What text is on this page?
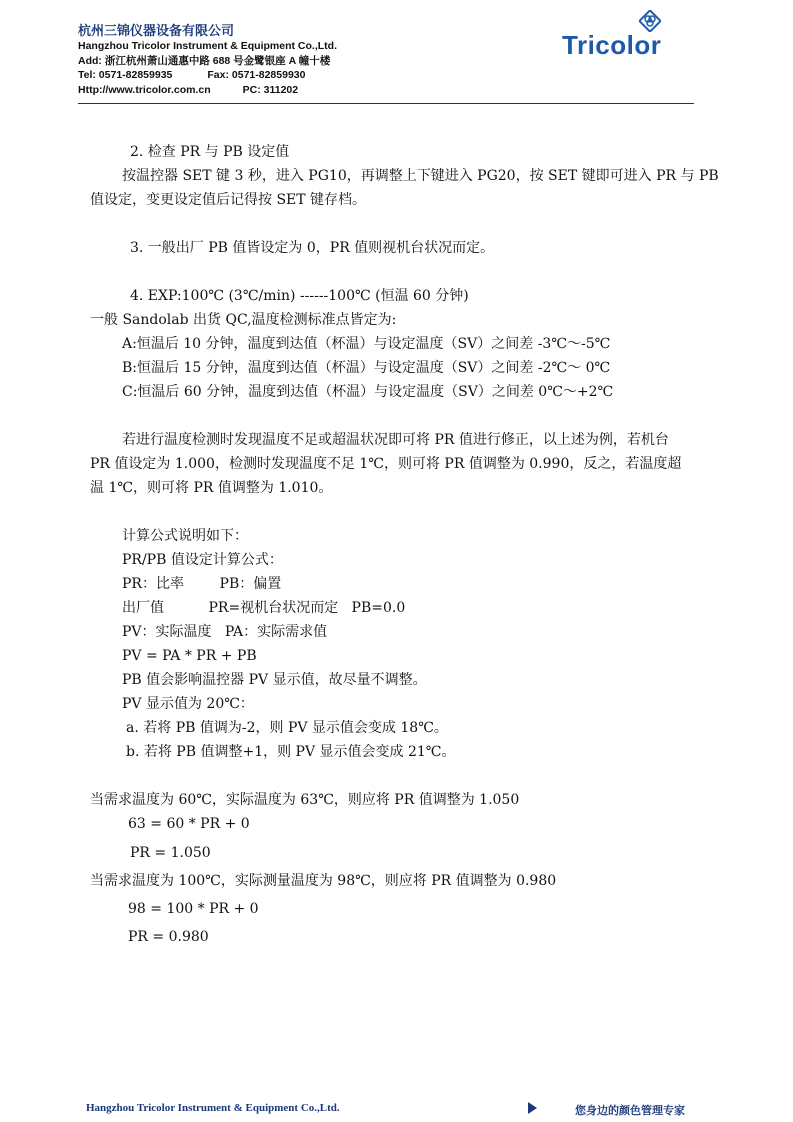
杭州三锦仪器设备有限公司
Hangzhou Tricolor Instrument & Equipment Co.,Ltd.
Add: 浙江杭州萧山通惠中路 688 号金鹭银座 A 幢十楼
Tel: 0571-82859935	Fax: 0571-82859930
Http://www.tricolor.com.cn	PC: 311202
Tricolor
2. 检查 PR 与 PB 设定值
按温控器 SET 键 3 秒，进入 PG10，再调整上下键进入 PG20，按 SET 键即可进入 PR 与 PB
值设定，变更设定值后记得按 SET 键存档。
3. 一般出厂 PB 值皆设定为 0，PR 值则视机台状况而定。
4. EXP:100℃ (3℃/min) ------100℃ (恒温 60 分钟)
一般 Sandolab 出货 QC,温度检测标准点皆定为:
A:恒温后 10 分钟，温度到达值（杯温）与设定温度（SV）之间差 -3℃～-5℃
B:恒温后 15 分钟，温度到达值（杯温）与设定温度（SV）之间差 -2℃～ 0℃
C:恒温后 60 分钟，温度到达值（杯温）与设定温度（SV）之间差 0℃～+2℃
若进行温度检测时发现温度不足或超温状况即可将 PR 值进行修正，以上述为例，若机台
PR 值设定为 1.000，检测时发现温度不足 1℃，则可将 PR 值调整为 0.990，反之，若温度超
温 1℃，则可将 PR 值调整为 1.010。
计算公式说明如下：
PR/PB 值设定计算公式：
PR：比率        PB：偏置
出厂值          PR=视机台状况而定   PB=0.0
PV：实际温度   PA：实际需求值
PV = PA * PR + PB
PB 值会影响温控器 PV 显示值，故尽量不调整。
PV 显示值为 20℃：
a. 若将 PB 值调为-2，则 PV 显示值会变成 18℃。
b. 若将 PB 值调整+1，则 PV 显示值会变成 21℃。
当需求温度为 60℃，实际温度为 63℃，则应将 PR 值调整为 1.050
63 = 60 * PR + 0
PR = 1.050
当需求温度为 100℃，实际测量温度为 98℃，则应将 PR 值调整为 0.980
98 = 100 * PR + 0
PR = 0.980
Hangzhou Tricolor Instrument & Equipment Co.,Ltd.	您身边的颜色管理专家
